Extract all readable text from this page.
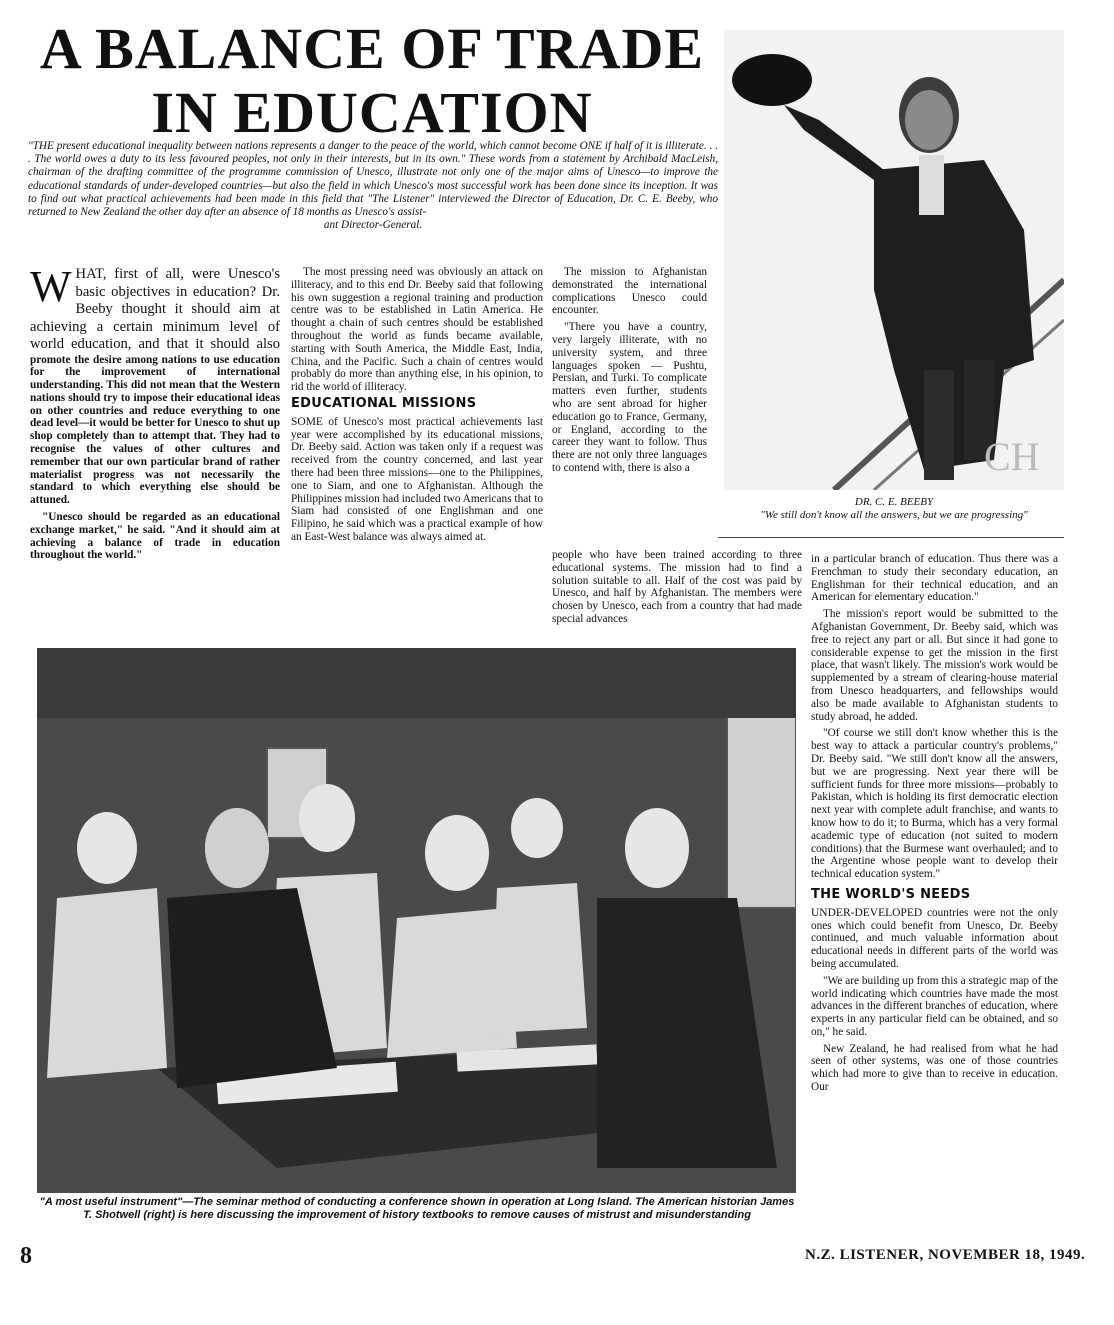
A BALANCE OF TRADE
IN EDUCATION
"THE present educational inequality between nations represents a danger to the peace of the world, which cannot become ONE if half of it is illiterate. . . . The world owes a duty to its less favoured peoples, not only in their interests, but in its own." These words from a statement by Archibald MacLeish, chairman of the drafting committee of the programme commission of Unesco, illustrate not only one of the major aims of Unesco—to improve the educational standards of under-developed countries—but also the field in which Unesco's most successful work has been done since its inception. It was to find out what practical achievements had been made in this field that "The Listener" interviewed the Director of Education, Dr. C. E. Beeby, who returned to New Zealand the other day after an absence of 18 months as Unesco's assist-
ant Director-General.

W HAT, first of all, were Unesco's basic objectives in education? Dr. Beeby thought it should aim at achieving a certain minimum level of world education, and that it should also promote the desire among nations to use education for the improvement of international understanding. This did not mean that the Western nations should try to impose their educational ideas on other countries and reduce everything to one dead level—it would be better for Unesco to shut up shop completely than to attempt that. They had to recognise the values of other cultures and remember that our own particular brand of rather materialist progress was not necessarily the standard to which everything else should be attuned.

"Unesco should be regarded as an educational exchange market," he said. "And it should aim at achieving a balance of trade in education throughout the world."

The most pressing need was obviously an attack on illiteracy, and to this end Dr. Beeby said that following his own suggestion a regional training and production centre was to be established in Latin America. He thought a chain of such centres should be established throughout the world as funds became available, starting with South America, the Middle East, India, China, and the Pacific. Such a chain of centres would probably do more than anything else, in his opinion, to rid the world of illiteracy.

EDUCATIONAL MISSIONS

SOME of Unesco's most practical achievements last year were accomplished by its educational missions, Dr. Beeby said. Action was taken only if a request was received from the country concerned, and last year there had been three missions—one to the Philippines, one to Siam, and one to Afghanistan. Although the Philippines mission had included two Americans that to Siam had consisted of one Englishman and one Filipino, he said which was a practical example of how an East-West balance was always aimed at.

The mission to Afghanistan demonstrated the international complications Unesco could encounter.

"There you have a country, very largely illiterate, with no university system, and three languages spoken — Pushtu, Persian, and Turki. To complicate matters even further, students who are sent abroad for higher education go to France, Germany, or England, according to the career they want to follow. Thus there are not only three languages to contend with, there is also a

people who have been trained according to three educational systems. The mission had to find a solution suitable to all. Half of the cost was paid by Unesco, and half by Afghanistan. The members were chosen by Unesco, each from a country that had made special advances

CH
DR. C. E. BEEBY
"We still don't know all the answers, but we are progressing"
"A most useful instrument"—The seminar method of conducting a conference shown in operation at Long Island. The American historian James T. Shotwell (right) is here discussing the improvement of history textbooks to remove causes of mistrust and misunderstanding

in a particular branch of education. Thus there was a Frenchman to study their secondary education, an Englishman for their technical education, and an American for elementary education."

The mission's report would be submitted to the Afghanistan Government, Dr. Beeby said, which was free to reject any part or all. But since it had gone to considerable expense to get the mission in the first place, that wasn't likely. The mission's work would be supplemented by a stream of clearing-house material from Unesco headquarters, and fellowships would also be made available to Afghanistan students to study abroad, he added.

"Of course we still don't know whether this is the best way to attack a particular country's problems," Dr. Beeby said. "We still don't know all the answers, but we are progressing. Next year there will be sufficient funds for three more missions—probably to Pakistan, which is holding its first democratic election next year with complete adult franchise, and wants to know how to do it; to Burma, which has a very formal academic type of education (not suited to modern conditions) that the Burmese want overhauled; and to the Argentine whose people want to develop their technical education system."

THE WORLD'S NEEDS

UNDER-DEVELOPED countries were not the only ones which could benefit from Unesco, Dr. Beeby continued, and much valuable information about educational needs in different parts of the world was being accumulated.

"We are building up from this a strategic map of the world indicating which countries have made the most advances in the different branches of education, where experts in any particular field can be obtained, and so on," he said.

New Zealand, he had realised from what he had seen of other systems, was one of those countries which had more to give than to receive in education. Our

8	N.Z. LISTENER, NOVEMBER 18, 1949.
